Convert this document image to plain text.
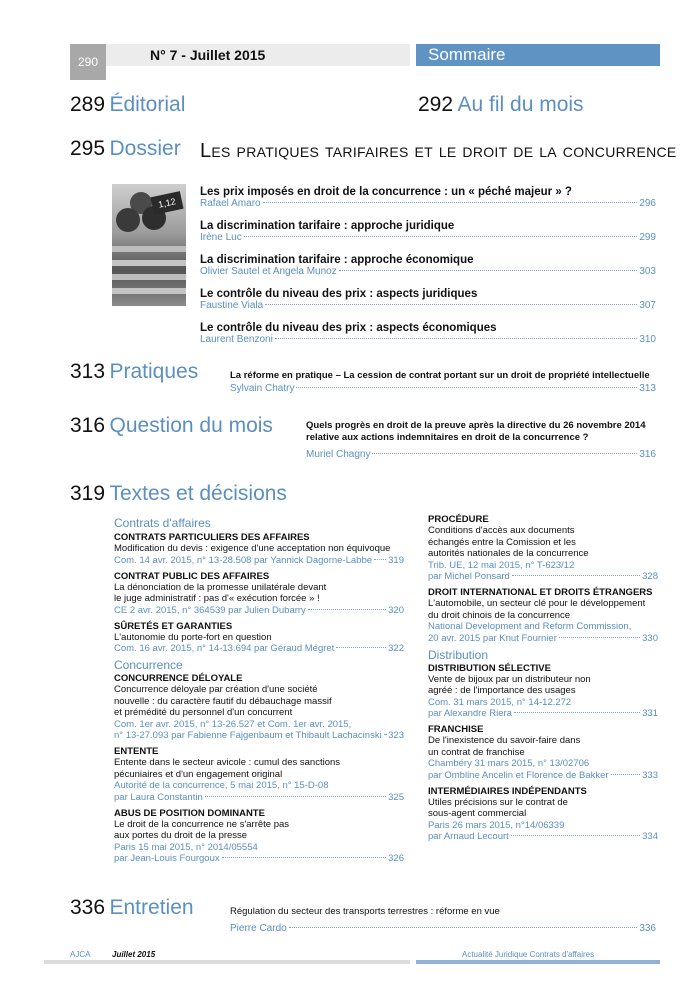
290	N° 7 - Juillet 2015	Sommaire
289 Éditorial	292 Au fil du mois
295 Dossier Les pratiques tarifaires et le droit de la concurrence
1,12
Les prix imposés en droit de la concurrence : un « péché majeur » ?
Rafael Amaro	296
La discrimination tarifaire : approche juridique
Irène Luc	299
La discrimination tarifaire : approche économique
Olivier Sautel et Angela Munoz	303
Le contrôle du niveau des prix : aspects juridiques
Faustine Viala	307
Le contrôle du niveau des prix : aspects économiques
Laurent Benzoni	310
313 Pratiques	La réforme en pratique – La cession de contrat portant sur un droit de propriété intellectuelle
Sylvain Chatry	313
316 Question du mois	Quels progrès en droit de la preuve après la directive du 26 novembre 2014
relative aux actions indemnitaires en droit de la concurrence ?
Muriel Chagny	316
319 Textes et décisions
Contrats d'affaires
CONTRATS PARTICULIERS DES AFFAIRES
Modification du devis : exigence d'une acceptation non équivoque
Com. 14 avr. 2015, n° 13-28.508 par Yannick Dagorne-Labbe 319
CONTRAT PUBLIC DES AFFAIRES
La dénonciation de la promesse unilatérale devant
le juge administratif : pas d'« exécution forcée » !
CE 2 avr. 2015, n° 364539 par Julien Dubarry	320
SÛRETÉS ET GARANTIES
L'autonomie du porte-fort en question
Com. 16 avr. 2015, n° 14-13.694 par Géraud Mégret	322
Concurrence
CONCURRENCE DÉLOYALE
Concurrence déloyale par création d'une société
nouvelle : du caractère fautif du débauchage massif
et prémédité du personnel d'un concurrent
Com. 1er avr. 2015, n° 13-26.527 et Com. 1er avr. 2015,
n° 13-27.093 par Fabienne Fajgenbaum et Thibault Lachacinski 323
ENTENTE
Entente dans le secteur avicole : cumul des sanctions
pécuniaires et d'un engagement original
Autorité de la concurrence, 5 mai 2015, n° 15-D-08
par Laura Constantin	325
ABUS DE POSITION DOMINANTE
Le droit de la concurrence ne s'arrête pas
aux portes du droit de la presse
Paris 15 mai 2015, n° 2014/05554
par Jean-Louis Fourgoux	326
PROCÉDURE
Conditions d'accès aux documents
échangés entre la Comission et les
autorités nationales de la concurrence
Trib. UE, 12 mai 2015, n° T-623/12
par Michel Ponsard	328
DROIT INTERNATIONAL ET DROITS ÉTRANGERS
L'automobile, un secteur clé pour le développement
du droit chinois de la concurrence
National Development and Reform Commission,
20 avr. 2015 par Knut Fournier	330
Distribution
DISTRIBUTION SÉLECTIVE
Vente de bijoux par un distributeur non
agréé : de l'importance des usages
Com. 31 mars 2015, n° 14-12.272
par Alexandre Riera	331
FRANCHISE
De l'inexistence du savoir-faire dans
un contrat de franchise
Chambéry 31 mars 2015, n° 13/02706
par Ombline Ancelin et Florence de Bakker	333
INTERMÉDIAIRES INDÉPENDANTS
Utiles précisions sur le contrat de
sous-agent commercial
Paris 26 mars 2015, n°14/06339
par Arnaud Lecourt	334
336 Entretien	Régulation du secteur des transports terrestres : réforme en vue
Pierre Cardo	336
AJCA	Juillet 2015	Actualité Juridique Contrats d'affaires
